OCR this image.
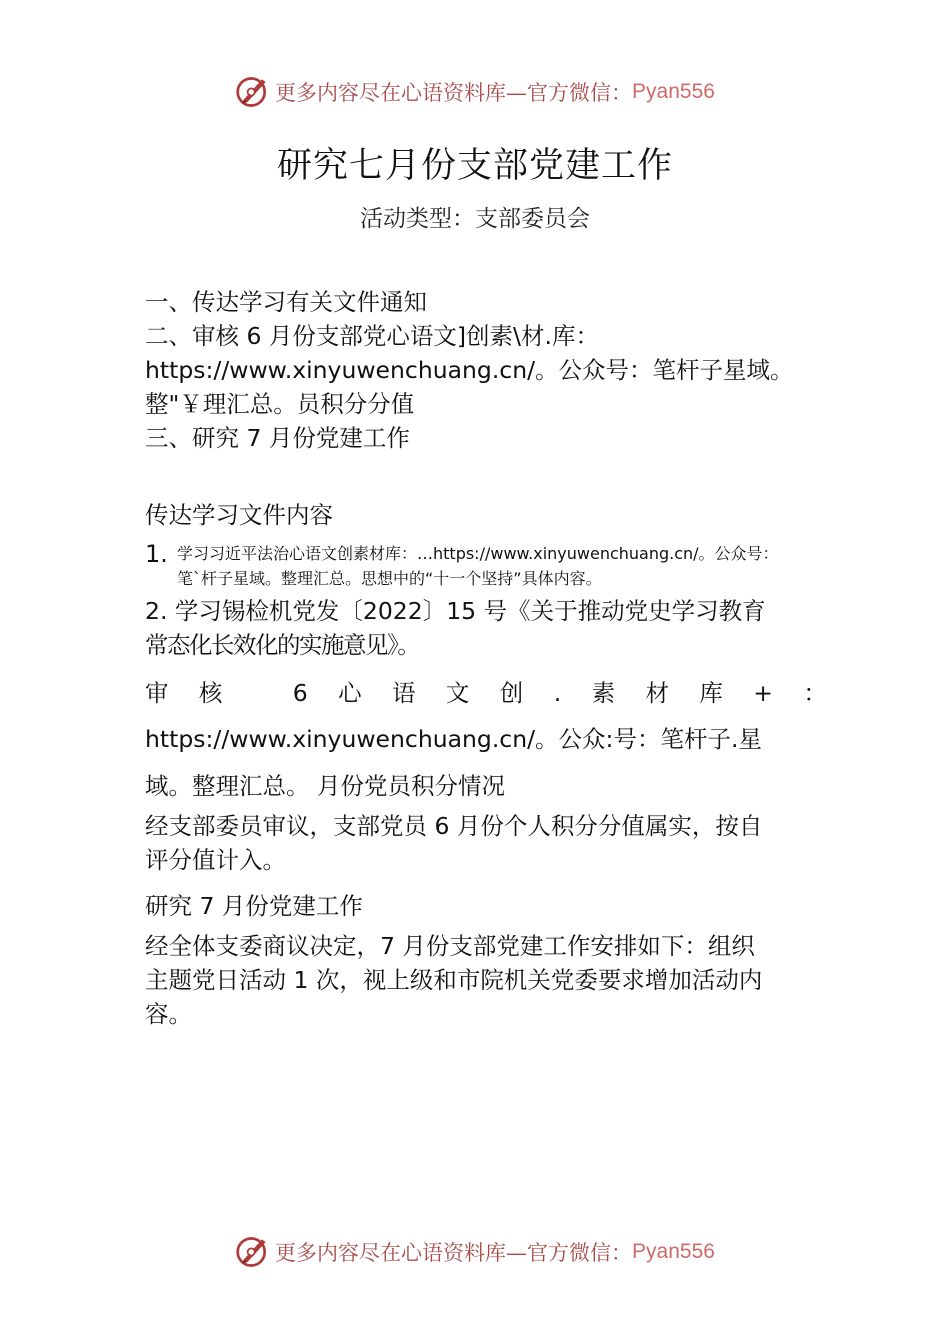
更多内容尽在心语资料库—官方微信： Pyan556
研究七月份支部党建工作
活动类型：支部委员会
一、传达学习有关文件通知
二、审核 6 月份支部党心语文]创素\材.库：
https://www.xinyuwenchuang.cn/。公众号：笔杆子星域。
整"￥理汇总。员积分分值
三、研究 7 月份党建工作
传达学习文件内容
1. 学习习近平法治心语文创素材库：…https://www.xinyuwenchuang.cn/。公众号：
笔`杆子星域。整理汇总。思想中的“十一个坚持”具体内容。
2. 学习锡检机党发〔2022〕15 号《关于推动党史学习教育
常态化长效化的实施意见》。
审 核	6 心 语 文 创 . 素 材 库 + ：
https://www.xinyuwenchuang.cn/。公众:号：笔杆子.星
域。整理汇总。 月份党员积分情况
经支部委员审议，支部党员 6 月份个人积分分值属实，按自
评分值计入。
研究 7 月份党建工作
经全体支委商议决定，7 月份支部党建工作安排如下：组织
主题党日活动 1 次，视上级和市院机关党委要求增加活动内
容。
更多内容尽在心语资料库—官方微信： Pyan556
